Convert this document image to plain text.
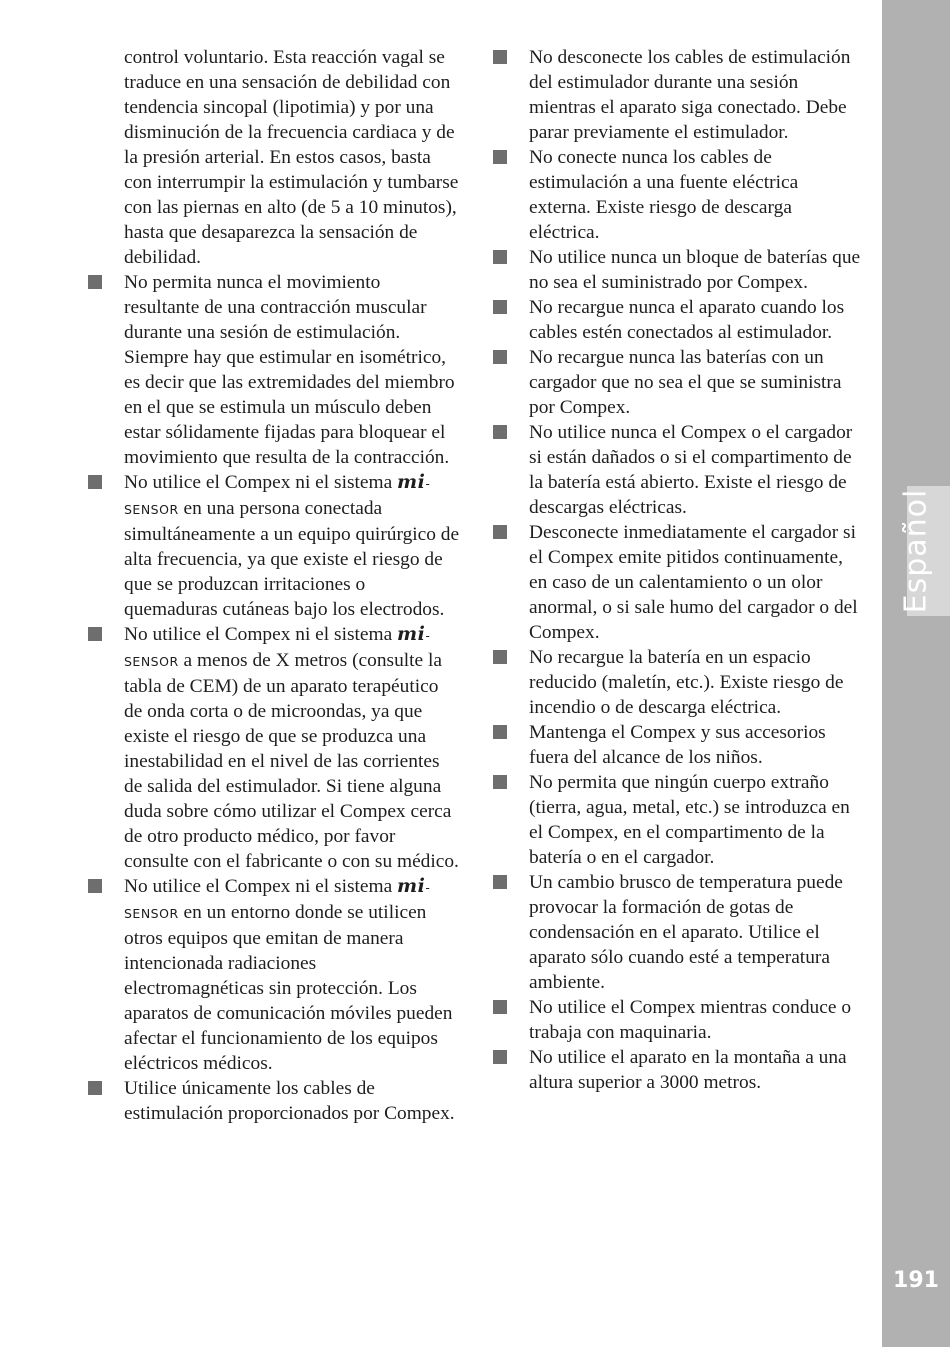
control voluntario. Esta reacción vagal se traduce en una sensación de debilidad con tendencia sincopal (lipotimia) y por una disminución de la frecuencia cardiaca y de la presión arterial. En estos casos, basta con interrumpir la estimulación y tumbarse con las piernas en alto (de 5 a 10 minutos), hasta que desaparezca la sensación de debilidad.

No permita nunca el movimiento resultante de una contracción muscular durante una sesión de estimulación. Siempre hay que estimular en isométrico, es decir que las extremidades del miembro en el que se estimula un músculo deben estar sólidamente fijadas para bloquear el movimiento que resulta de la contracción.
No utilice el Compex ni el sistema mi-SENSOR en una persona conectada simultáneamente a un equipo quirúrgico de alta frecuencia, ya que existe el riesgo de que se produzcan irritaciones o quemaduras cutáneas bajo los electrodos.
No utilice el Compex ni el sistema mi-SENSOR a menos de X metros (consulte la tabla de CEM) de un aparato terapéutico de onda corta o de microondas, ya que existe el riesgo de que se produzca una inestabilidad en el nivel de las corrientes de salida del estimulador. Si tiene alguna duda sobre cómo utilizar el Compex cerca de otro producto médico, por favor consulte con el fabricante o con su médico.
No utilice el Compex ni el sistema mi-SENSOR en un entorno donde se utilicen otros equipos que emitan de manera intencionada radiaciones electromagnéticas sin protección. Los aparatos de comunicación móviles pueden afectar el funcionamiento de los equipos eléctricos médicos.
Utilice únicamente los cables de estimulación proporcionados por Compex.
No desconecte los cables de estimulación del estimulador durante una sesión mientras el aparato siga conectado. Debe parar previamente el estimulador.
No conecte nunca los cables de estimulación a una fuente eléctrica externa. Existe riesgo de descarga eléctrica.
No utilice nunca un bloque de baterías que no sea el suministrado por Compex.
No recargue nunca el aparato cuando los cables estén conectados al estimulador.
No recargue nunca las baterías con un cargador que no sea el que se suministra por Compex.
No utilice nunca el Compex o el cargador si están dañados o si el compartimento de la batería está abierto. Existe el riesgo de descargas eléctricas.
Desconecte inmediatamente el cargador si el Compex emite pitidos continuamente, en caso de un calentamiento o un olor anormal, o si sale humo del cargador o del Compex.
No recargue la batería en un espacio reducido (maletín, etc.). Existe riesgo de incendio o de descarga eléctrica.
Mantenga el Compex y sus accesorios fuera del alcance de los niños.
No permita que ningún cuerpo extraño (tierra, agua, metal, etc.) se introduzca en el Compex, en el compartimento de la batería o en el cargador.
Un cambio brusco de temperatura puede provocar la formación de gotas de condensación en el aparato. Utilice el aparato sólo cuando esté a temperatura ambiente.
No utilice el Compex mientras conduce o trabaja con maquinaria.
No utilice el aparato en la montaña a una altura superior a 3000 metros.
Español
191
